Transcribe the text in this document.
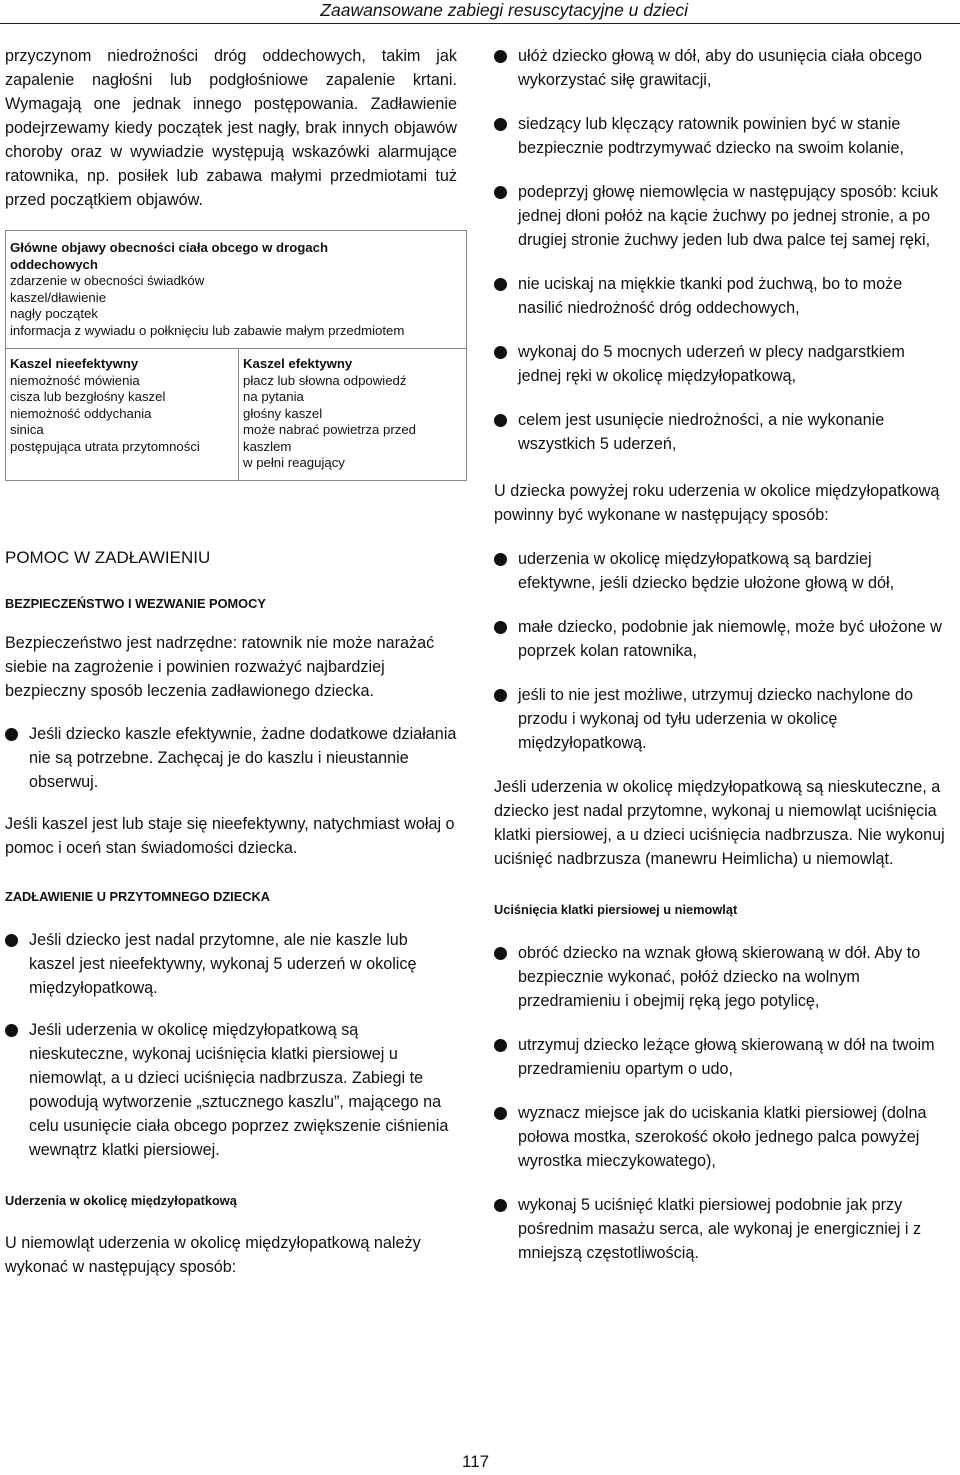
Zaawansowane zabiegi resuscytacyjne u dzieci

przyczynom niedrożności dróg oddechowych, takim jak zapalenie nagłośni lub podgłośniowe zapalenie krtani. Wymagają one jednak innego postępowania. Zadławienie podejrzewamy kiedy początek jest nagły, brak innych objawów choroby oraz w wywiadzie występują wskazówki alarmujące ratownika, np. posiłek lub zabawa małymi przedmiotami tuż przed początkiem objawów.

Główne objawy obecności ciała obcego w drogach
oddechowych
zdarzenie w obecności świadków
kaszel/dławienie
nagły początek
informacja z wywiadu o połknięciu lub zabawie małym przedmiotem
Kaszel nieefektywny
niemożność mówienia
cisza lub bezgłośny kaszel
niemożność oddychania
sinica
postępująca utrata przytomności
Kaszel efektywny
płacz lub słowna odpowiedź
na pytania
głośny kaszel
może nabrać powietrza przed
kaszlem
w pełni reagujący
POMOC W ZADŁAWIENIU
BEZPIECZEŃSTWO I WEZWANIE POMOCY

Bezpieczeństwo jest nadrzędne: ratownik nie może narażać siebie na zagrożenie i powinien rozważyć najbardziej bezpieczny sposób leczenia zadławionego dziecka.

Jeśli dziecko kaszle efektywnie, żadne dodatkowe działania nie są potrzebne. Zachęcaj je do kaszlu i nieustannie obserwuj.

Jeśli kaszel jest lub staje się nieefektywny, natychmiast wołaj o pomoc i oceń stan świadomości dziecka.

ZADŁAWIENIE U PRZYTOMNEGO DZIECKA

Jeśli dziecko jest nadal przytomne, ale nie kaszle lub kaszel jest nieefektywny, wykonaj 5 uderzeń w okolicę międzyłopatkową.

Jeśli uderzenia w okolicę międzyłopatkową są nieskuteczne, wykonaj uciśnięcia klatki piersiowej u niemowląt, a u dzieci uciśnięcia nadbrzusza. Zabiegi te powodują wytworzenie „sztucznego kaszlu”, mającego na celu usunięcie ciała obcego poprzez zwiększenie ciśnienia wewnątrz klatki piersiowej.

Uderzenia w okolicę międzyłopatkową

U niemowląt uderzenia w okolicę międzyłopatkową należy wykonać w następujący sposób:

ułóż dziecko głową w dół, aby do usunięcia ciała obcego wykorzystać siłę grawitacji,

siedzący lub klęczący ratownik powinien być w stanie bezpiecznie podtrzymywać dziecko na swoim kolanie,

podeprzyj głowę niemowlęcia w następujący sposób: kciuk jednej dłoni połóż na kącie żuchwy po jednej stronie, a po drugiej stronie żuchwy jeden lub dwa palce tej samej ręki,

nie uciskaj na miękkie tkanki pod żuchwą, bo to może nasilić niedrożność dróg oddechowych,

wykonaj do 5 mocnych uderzeń w plecy nadgarstkiem jednej ręki w okolicę międzyłopatkową,

celem jest usunięcie niedrożności, a nie wykonanie wszystkich 5 uderzeń,

U dziecka powyżej roku uderzenia w okolice międzyłopatkową powinny być wykonane w następujący sposób:

uderzenia w okolicę międzyłopatkową są bardziej efektywne, jeśli dziecko będzie ułożone głową w dół,

małe dziecko, podobnie jak niemowlę, może być ułożone w poprzek kolan ratownika,

jeśli to nie jest możliwe, utrzymuj dziecko nachylone do przodu i wykonaj od tyłu uderzenia w okolicę międzyłopatkową.

Jeśli uderzenia w okolicę międzyłopatkową są nieskuteczne, a dziecko jest nadal przytomne, wykonaj u niemowląt uciśnięcia klatki piersiowej, a u dzieci uciśnięcia nadbrzusza. Nie wykonuj uciśnięć nadbrzusza (manewru Heimlicha) u niemowląt.

Uciśnięcia klatki piersiowej u niemowląt

obróć dziecko na wznak głową skierowaną w dół. Aby to bezpiecznie wykonać, połóż dziecko na wolnym przedramieniu i obejmij ręką jego potylicę,

utrzymuj dziecko leżące głową skierowaną w dół na twoim przedramieniu opartym o udo,

wyznacz miejsce jak do uciskania klatki piersiowej (dolna połowa mostka, szerokość około jednego palca powyżej wyrostka mieczykowatego),

wykonaj 5 uciśnięć klatki piersiowej podobnie jak przy pośrednim masażu serca, ale wykonaj je energiczniej i z mniejszą częstotliwością.

117
